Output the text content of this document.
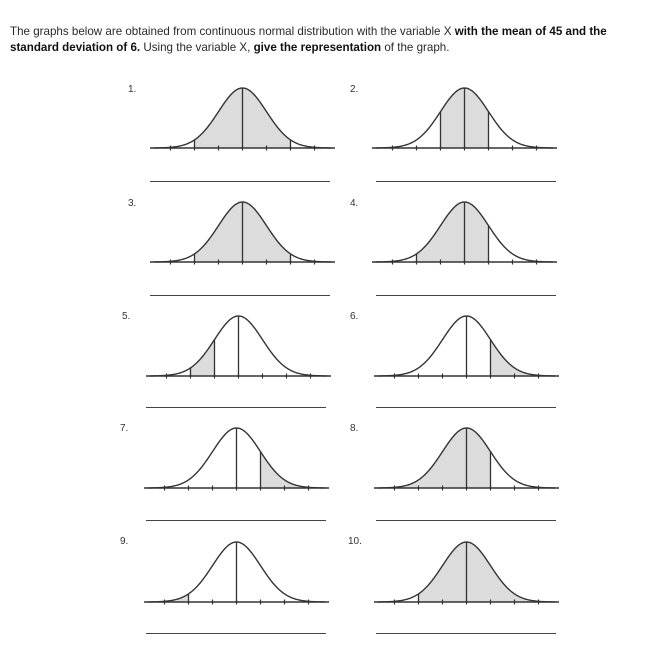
The graphs below are obtained from continuous normal distribution with the variable X with the mean of 45 and the standard deviation of 6. Using the variable X, give the representation of the graph.

1.	2.
3.	4.
5.	6.
7.	8.
9.	10.
